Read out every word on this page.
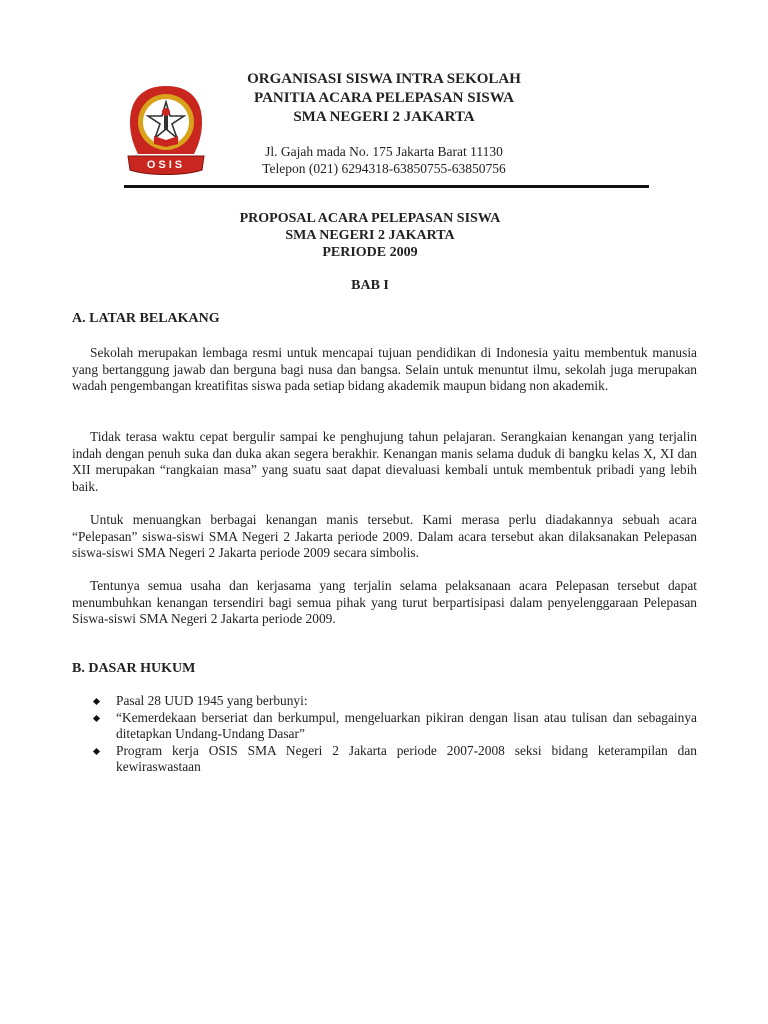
OSIS
ORGANISASI SISWA INTRA SEKOLAH
PANITIA ACARA PELEPASAN SISWA
SMA NEGERI 2 JAKARTA
Jl. Gajah mada No. 175 Jakarta Barat 11130
Telepon (021) 6294318-63850755-63850756
PROPOSAL ACARA PELEPASAN SISWA
SMA NEGERI 2 JAKARTA
PERIODE 2009
BAB I
A. LATAR BELAKANG
Sekolah merupakan lembaga resmi untuk mencapai tujuan pendidikan di Indonesia yaitu membentuk manusia yang bertanggung jawab dan berguna bagi nusa dan bangsa. Selain untuk menuntut ilmu, sekolah juga merupakan wadah pengembangan kreatifitas siswa pada setiap bidang akademik maupun bidang non akademik.
Tidak terasa waktu cepat bergulir sampai ke penghujung tahun pelajaran. Serangkaian kenangan yang terjalin indah dengan penuh suka dan duka akan segera berakhir. Kenangan manis selama duduk di bangku kelas X, XI dan XII merupakan “rangkaian masa” yang suatu saat dapat dievaluasi kembali untuk membentuk pribadi yang lebih baik.
Untuk menuangkan berbagai kenangan manis tersebut. Kami merasa perlu diadakannya sebuah acara “Pelepasan” siswa-siswi SMA Negeri 2 Jakarta periode 2009. Dalam acara tersebut akan dilaksanakan Pelepasan siswa-siswi SMA Negeri 2 Jakarta periode 2009 secara simbolis.
Tentunya semua usaha dan kerjasama yang terjalin selama pelaksanaan acara Pelepasan tersebut dapat menumbuhkan kenangan tersendiri bagi semua pihak yang turut berpartisipasi dalam penyelenggaraan Pelepasan Siswa-siswi SMA Negeri 2 Jakarta periode 2009.
B. DASAR HUKUM
Pasal 28 UUD 1945 yang berbunyi:
“Kemerdekaan berseriat dan berkumpul, mengeluarkan pikiran dengan lisan atau tulisan dan sebagainya ditetapkan Undang-Undang Dasar”
Program kerja OSIS SMA Negeri 2 Jakarta periode 2007-2008 seksi bidang keterampilan dan kewiraswastaan
